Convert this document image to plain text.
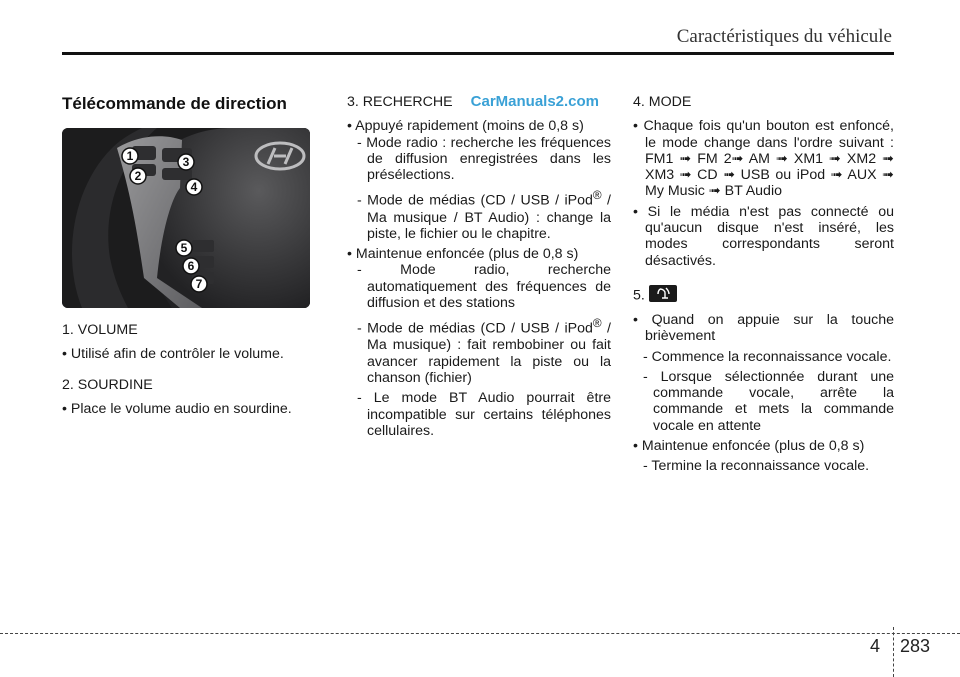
Caractéristiques du véhicule
Télécommande de direction
1
2
3
4
5
6
7

1. VOLUME

• Utilisé afin de contrôler le volume.

2. SOURDINE

• Place le volume audio en sourdine.

3. RECHERCHE CarManuals2.com

• Appuyé rapidement (moins de 0,8 s)

- Mode radio : recherche les fréquences de diffusion enregistrées dans les présélections.

- Mode de médias (CD / USB / iPod® / Ma musique / BT Audio) : change la piste, le fichier ou le chapitre.

• Maintenue enfoncée (plus de 0,8 s)

- Mode radio, recherche automatiquement des fréquences de diffusion et des stations

- Mode de médias (CD / USB / iPod® / Ma musique) : fait rembobiner ou fait avancer rapidement la piste ou la chanson (fichier)

- Le mode BT Audio pourrait être incompatible sur certains téléphones cellulaires.

4. MODE

• Chaque fois qu'un bouton est enfoncé, le mode change dans l'ordre suivant : FM1 ➟ FM 2➟ AM ➟ XM1 ➟ XM2 ➟ XM3 ➟ CD ➟ USB ou iPod ➟ AUX ➟ My Music ➟ BT Audio

• Si le média n'est pas connecté ou qu'aucun disque n'est inséré, les modes correspondants seront désactivés.

5.

• Quand on appuie sur la touche brièvement

- Commence la reconnaissance vocale.

- Lorsque sélectionnée durant une commande vocale, arrête la commande et mets la commande vocale en attente

• Maintenue enfoncée (plus de 0,8 s)

- Termine la reconnaissance vocale.

4 283
